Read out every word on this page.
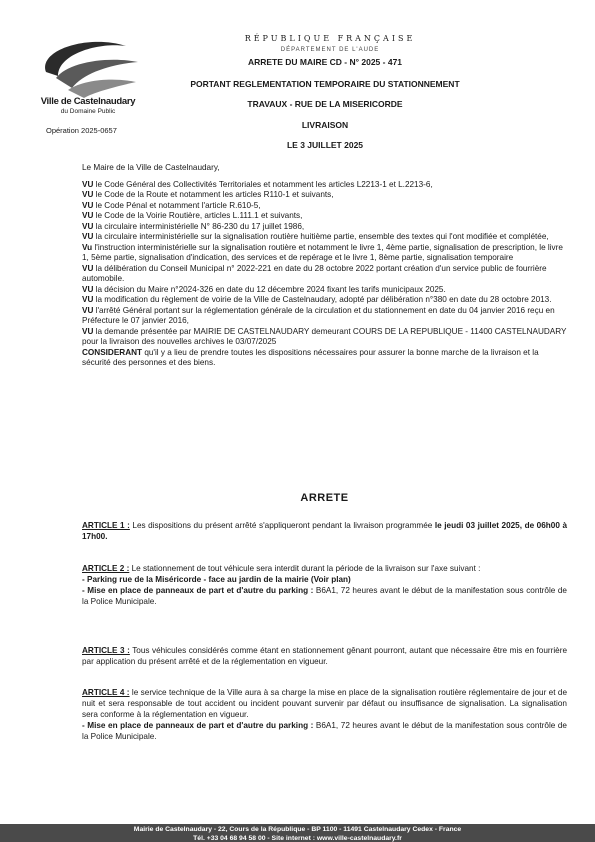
Ville de Castelnaudary
du Domaine Public
Opération 2025-0657
RÉPUBLIQUE FRANÇAISE
DÉPARTEMENT DE L'AUDE
ARRETE DU MAIRE CD - N° 2025 - 471
PORTANT REGLEMENTATION TEMPORAIRE DU STATIONNEMENT
TRAVAUX - RUE DE LA MISERICORDE
LIVRAISON
LE 3 JUILLET 2025

Le Maire de la Ville de Castelnaudary,

VU le Code Général des Collectivités Territoriales et notamment les articles L2213-1 et L.2213-6,

VU le Code de la Route et notamment les articles R110-1 et suivants,

VU le Code Pénal et notamment l'article R.610-5,

VU le Code de la Voirie Routière, articles L.111.1 et suivants,

VU la circulaire interministérielle N° 86-230 du 17 juillet 1986,

VU la circulaire interministérielle sur la signalisation routière huitième partie, ensemble des textes qui l'ont modifiée et complétée,

Vu l'instruction interministérielle sur la signalisation routière et notamment le livre 1, 4ème partie, signalisation de prescription, le livre 1, 5ème partie, signalisation d'indication, des services et de repérage et le livre 1, 8ème partie, signalisation temporaire

VU la délibération du Conseil Municipal n° 2022-221 en date du 28 octobre 2022 portant création d'un service public de fourrière automobile.

VU la décision du Maire n°2024-326 en date du 12 décembre 2024 fixant les tarifs municipaux 2025.

VU la modification du règlement de voirie de la Ville de Castelnaudary, adopté par délibération n°380 en date du 28 octobre 2013.

VU l'arrêté Général portant sur la réglementation générale de la circulation et du stationnement en date du 04 janvier 2016 reçu en Préfecture le 07 janvier 2016,

VU la demande présentée par MAIRIE DE CASTELNAUDARY demeurant COURS DE LA REPUBLIQUE - 11400 CASTELNAUDARY pour la livraison des nouvelles archives le 03/07/2025

CONSIDERANT qu'il y a lieu de prendre toutes les dispositions nécessaires pour assurer la bonne marche de la livraison et la sécurité des personnes et des biens.

ARRETE

ARTICLE 1 : Les dispositions du présent arrêté s'appliqueront pendant la livraison programmée le jeudi 03 juillet 2025, de 06h00 à 17h00.

ARTICLE 2 : Le stationnement de tout véhicule sera interdit durant la période de la livraison sur l'axe suivant :

- Parking rue de la Miséricorde - face au jardin de la mairie (Voir plan)

- Mise en place de panneaux de part et d'autre du parking : B6A1, 72 heures avant le début de la manifestation sous contrôle de la Police Municipale.

ARTICLE 3 : Tous véhicules considérés comme étant en stationnement gênant pourront, autant que nécessaire être mis en fourrière par application du présent arrêté et de la réglementation en vigueur.

ARTICLE 4 : le service technique de la Ville aura à sa charge la mise en place de la signalisation routière réglementaire de jour et de nuit et sera responsable de tout accident ou incident pouvant survenir par défaut ou insuffisance de signalisation. La signalisation sera conforme à la réglementation en vigueur.

- Mise en place de panneaux de part et d'autre du parking : B6A1, 72 heures avant le début de la manifestation sous contrôle de la Police Municipale.

Mairie de Castelnaudary - 22, Cours de la République - BP 1100 - 11491 Castelnaudary Cedex - France
Tél. +33 04 68 94 58 00 - Site internet : www.ville-castelnaudary.fr
